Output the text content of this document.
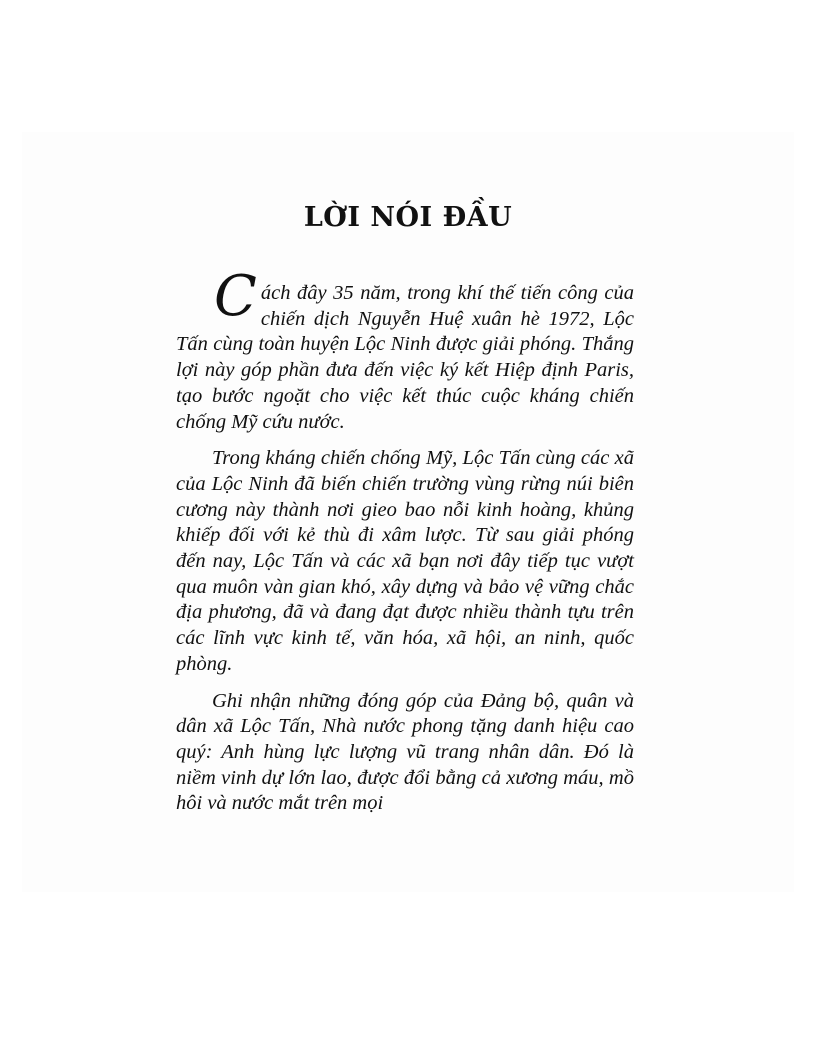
LỜI NÓI ĐẦU

Cách đây 35 năm, trong khí thế tiến công của chiến dịch Nguyễn Huệ xuân hè 1972, Lộc Tấn cùng toàn huyện Lộc Ninh được giải phóng. Thắng lợi này góp phần đưa đến việc ký kết Hiệp định Paris, tạo bước ngoặt cho việc kết thúc cuộc kháng chiến chống Mỹ cứu nước.

Trong kháng chiến chống Mỹ, Lộc Tấn cùng các xã của Lộc Ninh đã biến chiến trường vùng rừng núi biên cương này thành nơi gieo bao nỗi kinh hoàng, khủng khiếp đối với kẻ thù đi xâm lược. Từ sau giải phóng đến nay, Lộc Tấn và các xã bạn nơi đây tiếp tục vượt qua muôn vàn gian khó, xây dựng và bảo vệ vững chắc địa phương, đã và đang đạt được nhiều thành tựu trên các lĩnh vực kinh tế, văn hóa, xã hội, an ninh, quốc phòng.

Ghi nhận những đóng góp của Đảng bộ, quân và dân xã Lộc Tấn, Nhà nước phong tặng danh hiệu cao quý: Anh hùng lực lượng vũ trang nhân dân. Đó là niềm vinh dự lớn lao, được đổi bằng cả xương máu, mồ hôi và nước mắt trên mọi
